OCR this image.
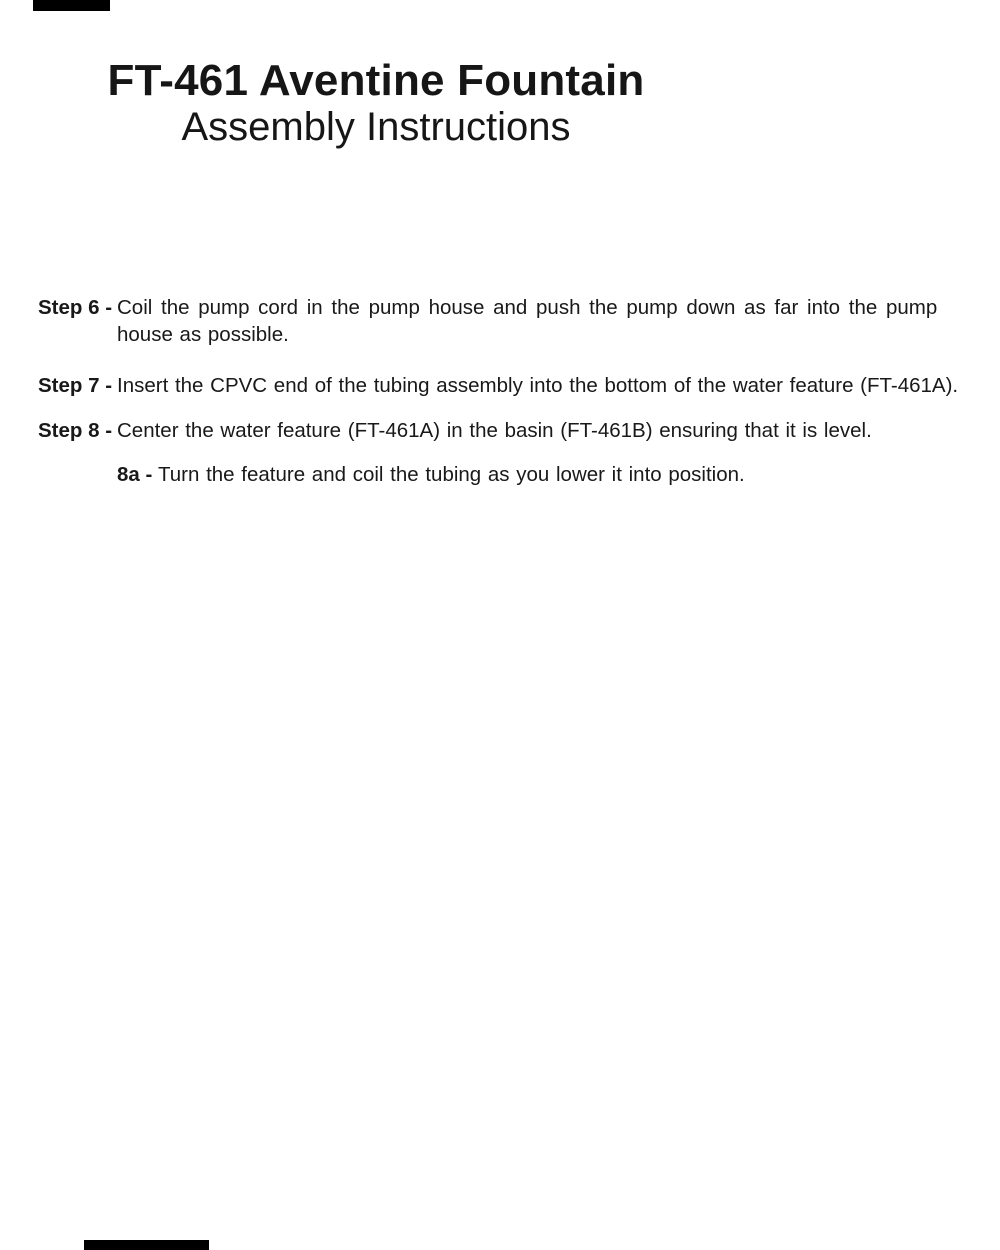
FT-461 Aventine Fountain
Assembly Instructions
Step 6 - Coil the pump cord in the pump house and push the pump down as far into the pump
house as possible.
Step 7 - Insert the CPVC end of the tubing assembly into the bottom of the water feature (FT-461A).
Step 8 - Center the water feature (FT-461A) in the basin (FT-461B) ensuring that it is level.
8a - Turn the feature and coil the tubing as you lower it into position.
